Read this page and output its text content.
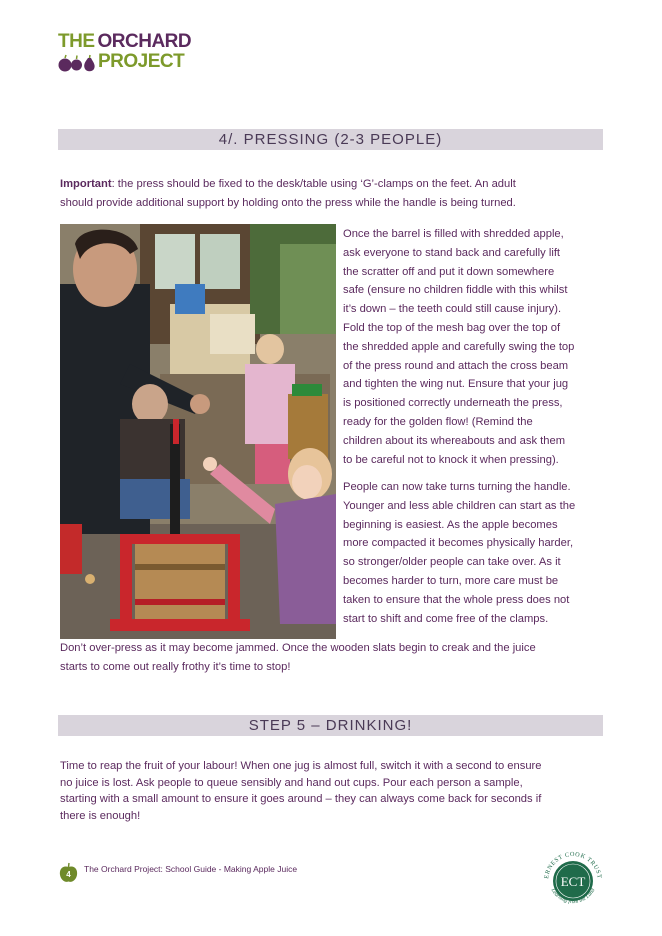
THE ORCHARD
PROJECT
4/. PRESSING (2-3 PEOPLE)

Important: the press should be fixed to the desk/table using ‘G’-clamps on the feet. An adult
should provide additional support by holding onto the press while the handle is being turned.

Once the barrel is filled with shredded apple,
ask everyone to stand back and carefully lift
the scratter off and put it down somewhere
safe (ensure no children fiddle with this whilst
it’s down – the teeth could still cause injury).
Fold the top of the mesh bag over the top of
the shredded apple and carefully swing the top
of the press round and attach the cross beam
and tighten the wing nut. Ensure that your jug
is positioned correctly underneath the press,
ready for the golden flow! (Remind the
children about its whereabouts and ask them
to be careful not to knock it when pressing).

People can now take turns turning the handle.
Younger and less able children can start as the
beginning is easiest. As the apple becomes
more compacted it becomes physically harder,
so stronger/older people can take over. As it
becomes harder to turn, more care must be
taken to ensure that the whole press does not
start to shift and come free of the clamps.

Don’t over-press as it may become jammed. Once the wooden slats begin to creak and the juice
starts to come out really frothy it’s time to stop!

STEP 5 – DRINKING!

Time to reap the fruit of your labour! When one jug is almost full, switch it with a second to ensure
no juice is lost. Ask people to queue sensibly and hand out cups. Pour each person a sample,
starting with a small amount to ensure it goes around – they can always come back for seconds if
there is enough!

4
The Orchard Project: School Guide - Making Apple Juice
ECT
ERNEST COOK TRUST
Learning from the Land
